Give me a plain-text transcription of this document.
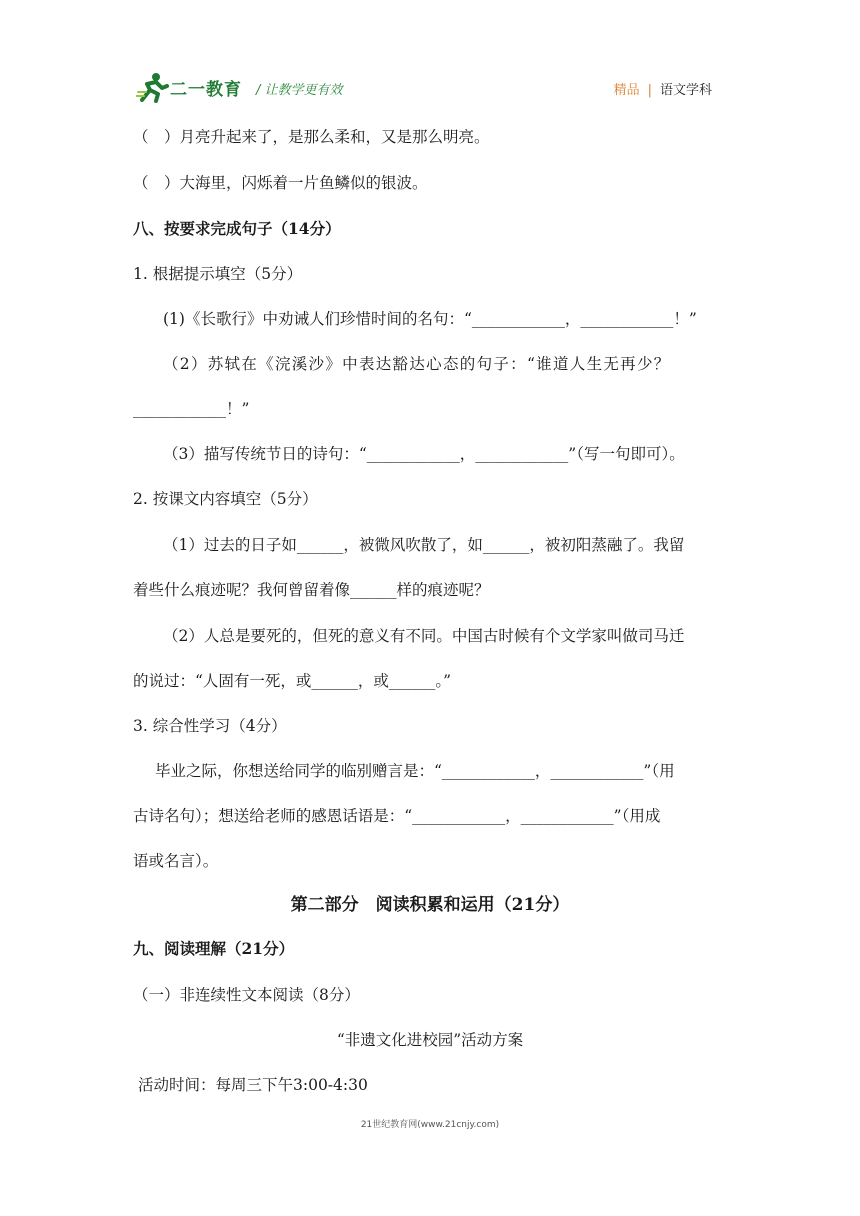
二一教育 / 让教学更有效	精品 | 语文学科
（　）月亮升起来了，是那么柔和，又是那么明亮。
（　）大海里，闪烁着一片鱼鳞似的银波。
八、按要求完成句子（14分）
1. 根据提示填空（5分）
(1)《长歌行》中劝诫人们珍惜时间的名句：“____________，____________！”
（2）苏轼在《浣溪沙》中表达豁达心态的句子：“谁道人生无再少？
____________！”
（3）描写传统节日的诗句：“____________，____________”（写一句即可）。
2. 按课文内容填空（5分）
（1）过去的日子如______，被微风吹散了，如______，被初阳蒸融了。我留
着些什么痕迹呢？我何曾留着像______样的痕迹呢？
（2）人总是要死的，但死的意义有不同。中国古时候有个文学家叫做司马迁
的说过：“人固有一死，或______，或______。”
3. 综合性学习（4分）
毕业之际，你想送给同学的临别赠言是：“____________，____________”（用
古诗名句）；想送给老师的感恩话语是：“____________，____________”（用成
语或名言）。
第二部分　阅读积累和运用（21分）
九、阅读理解（21分）
（一）非连续性文本阅读（8分）
“非遗文化进校园”活动方案
活动时间：每周三下午3:00-4:30
21世纪教育网(www.21cnjy.com)
